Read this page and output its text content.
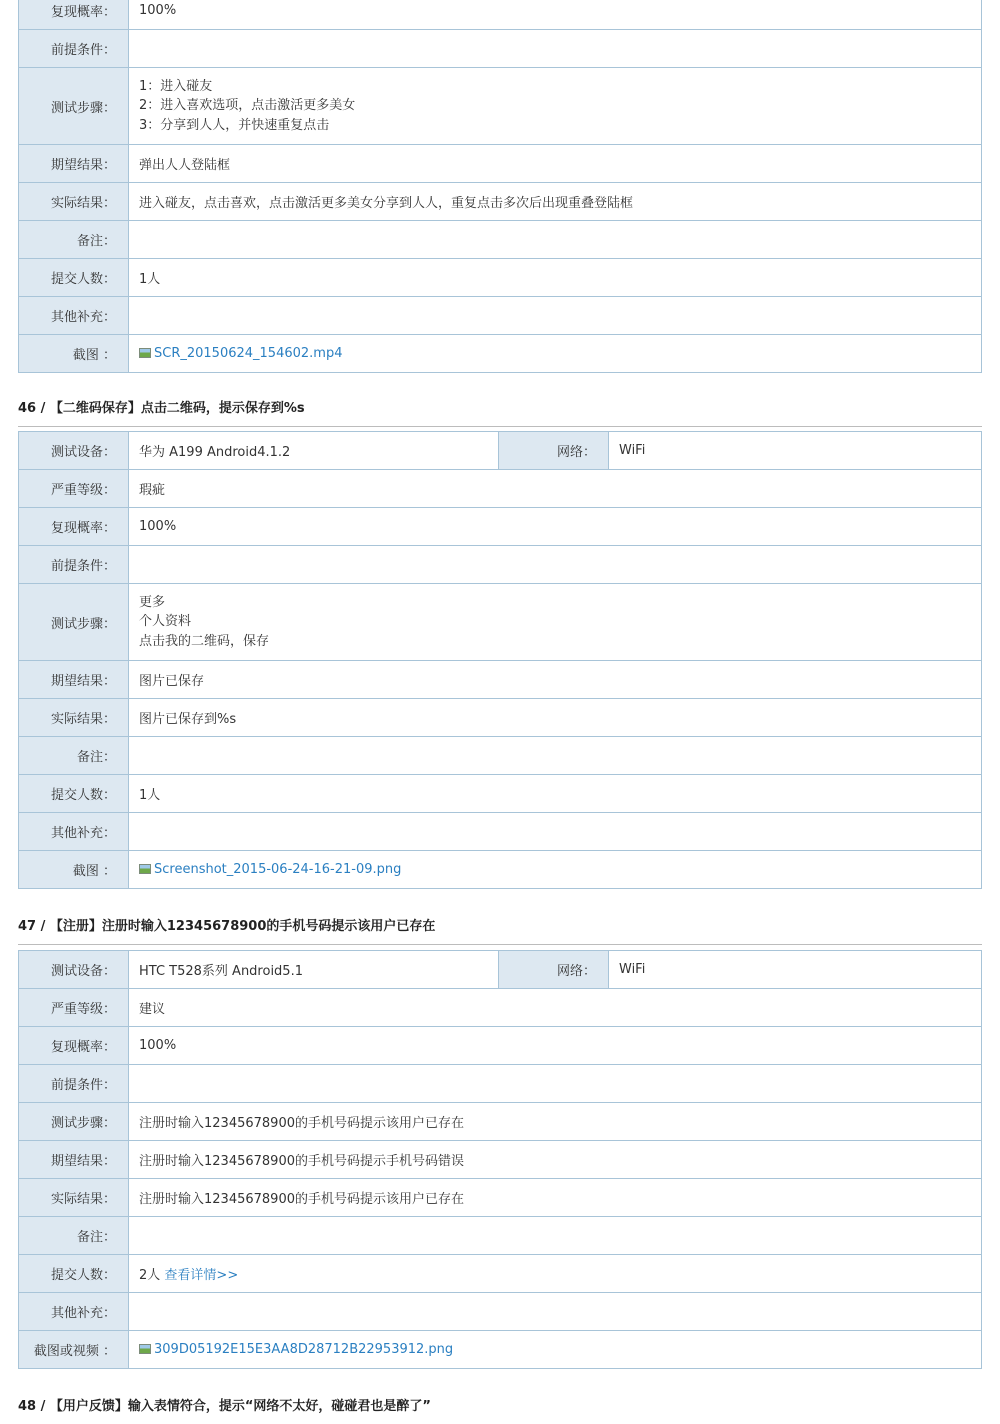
复现概率：	100%
前提条件：	
测试步骤：	1：进入碰友
2：进入喜欢选项，点击激活更多美女
3：分享到人人，并快速重复点击

期望结果：	弹出人人登陆框
实际结果：	进入碰友，点击喜欢，点击激活更多美女分享到人人，重复点击多次后出现重叠登陆框
备注：	
提交人数：	1人
其他补充：	
截图 ：	SCR_20150624_154602.mp4
46 / 【二维码保存】点击二维码，提示保存到%s
测试设备：	华为 A199 Android4.1.2	网络：	WiFi
严重等级：	瑕疵		
复现概率：	100%		
前提条件：			
测试步骤：	更多
个人资料
点击我的二维码，保存		

期望结果：	图片已保存		
实际结果：	图片已保存到%s		
备注：			
提交人数：	1人		
其他补充：			
截图 ：	Screenshot_2015-06-24-16-21-09.png		
47 / 【注册】注册时输入12345678900的手机号码提示该用户已存在
测试设备：	HTC T528系列 Android5.1	网络：	WiFi
严重等级：	建议		
复现概率：	100%		
前提条件：			
测试步骤：	注册时输入12345678900的手机号码提示该用户已存在		
期望结果：	注册时输入12345678900的手机号码提示手机号码错误		
实际结果：	注册时输入12345678900的手机号码提示该用户已存在		
备注：			
提交人数：	2人 查看详情>>		
其他补充：			
截图或视频 ：	309D05192E15E3AA8D28712B22953912.png		
48 / 【用户反馈】输入表情符合，提示“网络不太好，碰碰君也是醉了”
